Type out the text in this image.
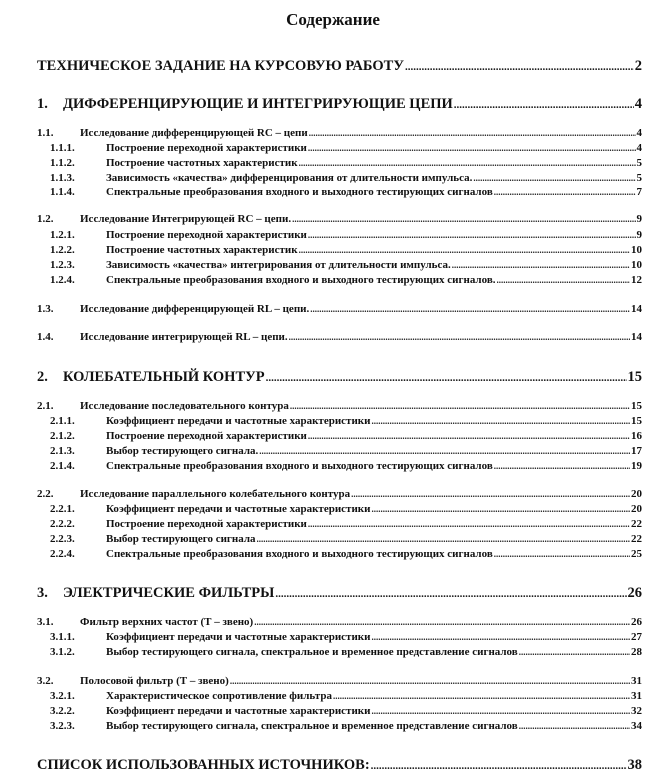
Содержание
ТЕХНИЧЕСКОЕ ЗАДАНИЕ НА КУРСОВУЮ РАБОТУ .....	2
1.	ДИФФЕРЕНЦИРУЮЩИЕ И ИНТЕГРИРУЮЩИЕ ЦЕПИ .....	4
1.1.	Исследование дифференцирующей RC – цепи .....	4
1.1.1.	Построение переходной характеристики .....	4
1.1.2.	Построение частотных характеристик .....	5
1.1.3.	Зависимость «качества» дифференцирования от длительности импульса. .....	5
1.1.4.	Спектральные преобразования входного и выходного тестирующих сигналов .....	7
1.2.	Исследование Интегрирующей RC – цепи. .....	9
1.2.1.	Построение переходной характеристики .....	9
1.2.2.	Построение частотных характеристик .....	10
1.2.3.	Зависимость «качества» интегрирования от длительности импульса. .....	10
1.2.4.	Спектральные преобразования входного и выходного тестирующих сигналов. .....	12
1.3.	Исследование дифференцирующей RL – цепи. .....	14
1.4.	Исследование интегрирующей RL – цепи. .....	14
2.	КОЛЕБАТЕЛЬНЫЙ КОНТУР .....	15
2.1.	Исследование последовательного контура .....	15
2.1.1.	Коэффициент передачи и частотные характеристики .....	15
2.1.2.	Построение переходной характеристики .....	16
2.1.3.	Выбор тестирующего сигнала. .....	17
2.1.4.	Спектральные преобразования входного и выходного тестирующих сигналов .....	19
2.2.	Исследование параллельного колебательного контура .....	20
2.2.1.	Коэффициент передачи и частотные характеристики .....	20
2.2.2.	Построение переходной характеристики .....	22
2.2.3.	Выбор тестирующего сигнала .....	22
2.2.4.	Спектральные преобразования входного и выходного тестирующих сигналов .....	25
3.	ЭЛЕКТРИЧЕСКИЕ ФИЛЬТРЫ .....	26
3.1.	Фильтр верхних частот (Т – звено) .....	26
3.1.1.	Коэффициент передачи и частотные характеристики .....	27
3.1.2.	Выбор тестирующего сигнала, спектральное и временное представление сигналов .....	28
3.2.	Полосовой фильтр (Т – звено) .....	31
3.2.1.	Характеристическое сопротивление фильтра .....	31
3.2.2.	Коэффициент передачи и частотные характеристики .....	32
3.2.3.	Выбор тестирующего сигнала, спектральное и временное представление сигналов .....	34
СПИСОК ИСПОЛЬЗОВАННЫХ ИСТОЧНИКОВ: .....	38
